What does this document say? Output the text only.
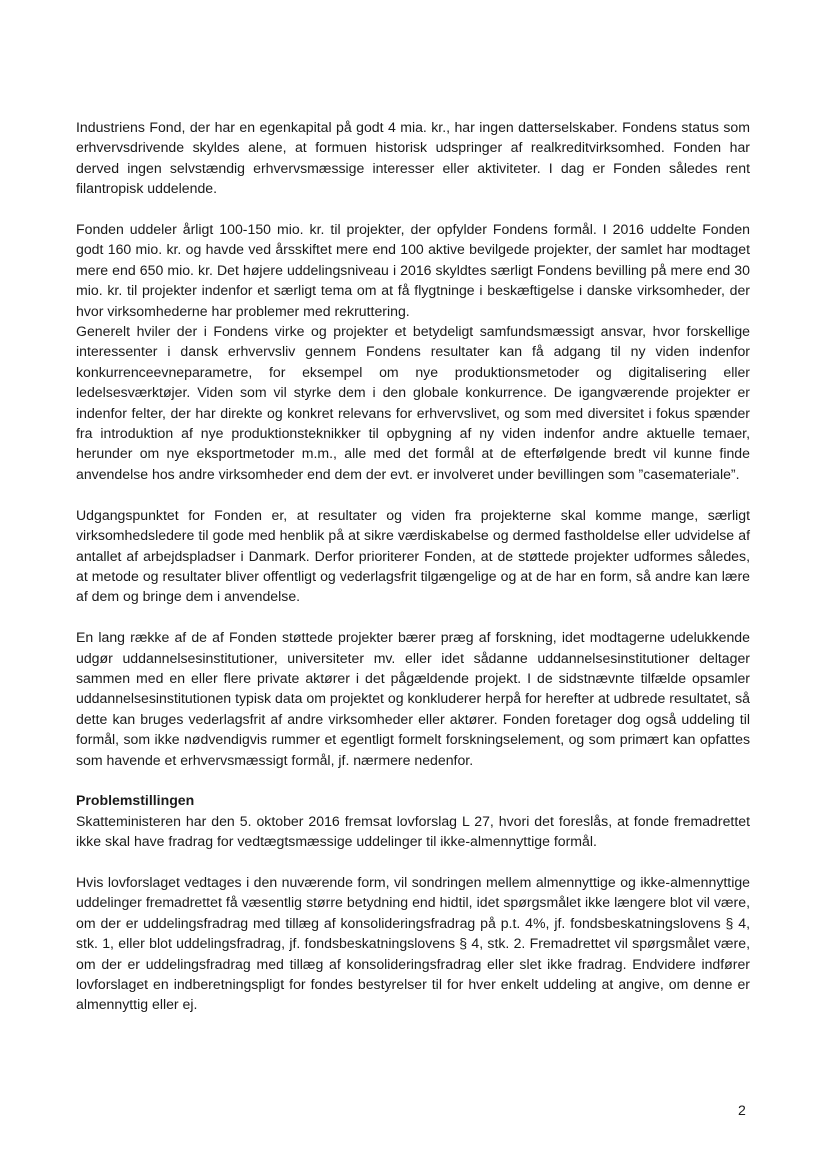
Industriens Fond, der har en egenkapital på godt 4 mia. kr., har ingen datterselskaber. Fondens status som erhvervsdrivende skyldes alene, at formuen historisk udspringer af realkreditvirksomhed. Fonden har derved ingen selvstændig erhvervsmæssige interesser eller aktiviteter. I dag er Fonden således rent filantropisk uddelende.

Fonden uddeler årligt 100-150 mio. kr. til projekter, der opfylder Fondens formål. I 2016 uddelte Fonden godt 160 mio. kr. og havde ved årsskiftet mere end 100 aktive bevilgede projekter, der samlet har modtaget mere end 650 mio. kr. Det højere uddelingsniveau i 2016 skyldtes særligt Fondens bevilling på mere end 30 mio. kr. til projekter indenfor et særligt tema om at få flygtninge i beskæftigelse i danske virksomheder, der hvor virksomhederne har problemer med rekruttering.

Generelt hviler der i Fondens virke og projekter et betydeligt samfundsmæssigt ansvar, hvor forskellige interessenter i dansk erhvervsliv gennem Fondens resultater kan få adgang til ny viden indenfor konkurrenceevneparametre, for eksempel om nye produktionsmetoder og digitalisering eller ledelsesværktøjer. Viden som vil styrke dem i den globale konkurrence. De igangværende projekter er indenfor felter, der har direkte og konkret relevans for erhvervslivet, og som med diversitet i fokus spænder fra introduktion af nye produktionsteknikker til opbygning af ny viden indenfor andre aktuelle temaer, herunder om nye eksportmetoder m.m., alle med det formål at de efterfølgende bredt vil kunne finde anvendelse hos andre virksomheder end dem der evt. er involveret under bevillingen som ”casemateriale”.

Udgangspunktet for Fonden er, at resultater og viden fra projekterne skal komme mange, særligt virksomhedsledere til gode med henblik på at sikre værdiskabelse og dermed fastholdelse eller udvidelse af antallet af arbejdspladser i Danmark. Derfor prioriterer Fonden, at de støttede projekter udformes således, at metode og resultater bliver offentligt og vederlagsfrit tilgængelige og at de har en form, så andre kan lære af dem og bringe dem i anvendelse.

En lang række af de af Fonden støttede projekter bærer præg af forskning, idet modtagerne udelukkende udgør uddannelsesinstitutioner, universiteter mv. eller idet sådanne uddannelsesinstitutioner deltager sammen med en eller flere private aktører i det pågældende projekt. I de sidstnævnte tilfælde opsamler uddannelsesinstitutionen typisk data om projektet og konkluderer herpå for herefter at udbrede resultatet, så dette kan bruges vederlagsfrit af andre virksomheder eller aktører. Fonden foretager dog også uddeling til formål, som ikke nødvendigvis rummer et egentligt formelt forskningselement, og som primært kan opfattes som havende et erhvervsmæssigt formål, jf. nærmere nedenfor.

Problemstillingen

Skatteministeren har den 5. oktober 2016 fremsat lovforslag L 27, hvori det foreslås, at fonde fremadrettet ikke skal have fradrag for vedtægtsmæssige uddelinger til ikke-almennyttige formål.

Hvis lovforslaget vedtages i den nuværende form, vil sondringen mellem almennyttige og ikke-almennyttige uddelinger fremadrettet få væsentlig større betydning end hidtil, idet spørgsmålet ikke længere blot vil være, om der er uddelingsfradrag med tillæg af konsolideringsfradrag på p.t. 4%, jf. fondsbeskatningslovens § 4, stk. 1, eller blot uddelingsfradrag, jf. fondsbeskatningslovens § 4, stk. 2. Fremadrettet vil spørgsmålet være, om der er uddelingsfradrag med tillæg af konsolideringsfradrag eller slet ikke fradrag. Endvidere indfører lovforslaget en indberetningspligt for fondes bestyrelser til for hver enkelt uddeling at angive, om denne er almennyttig eller ej.

2
